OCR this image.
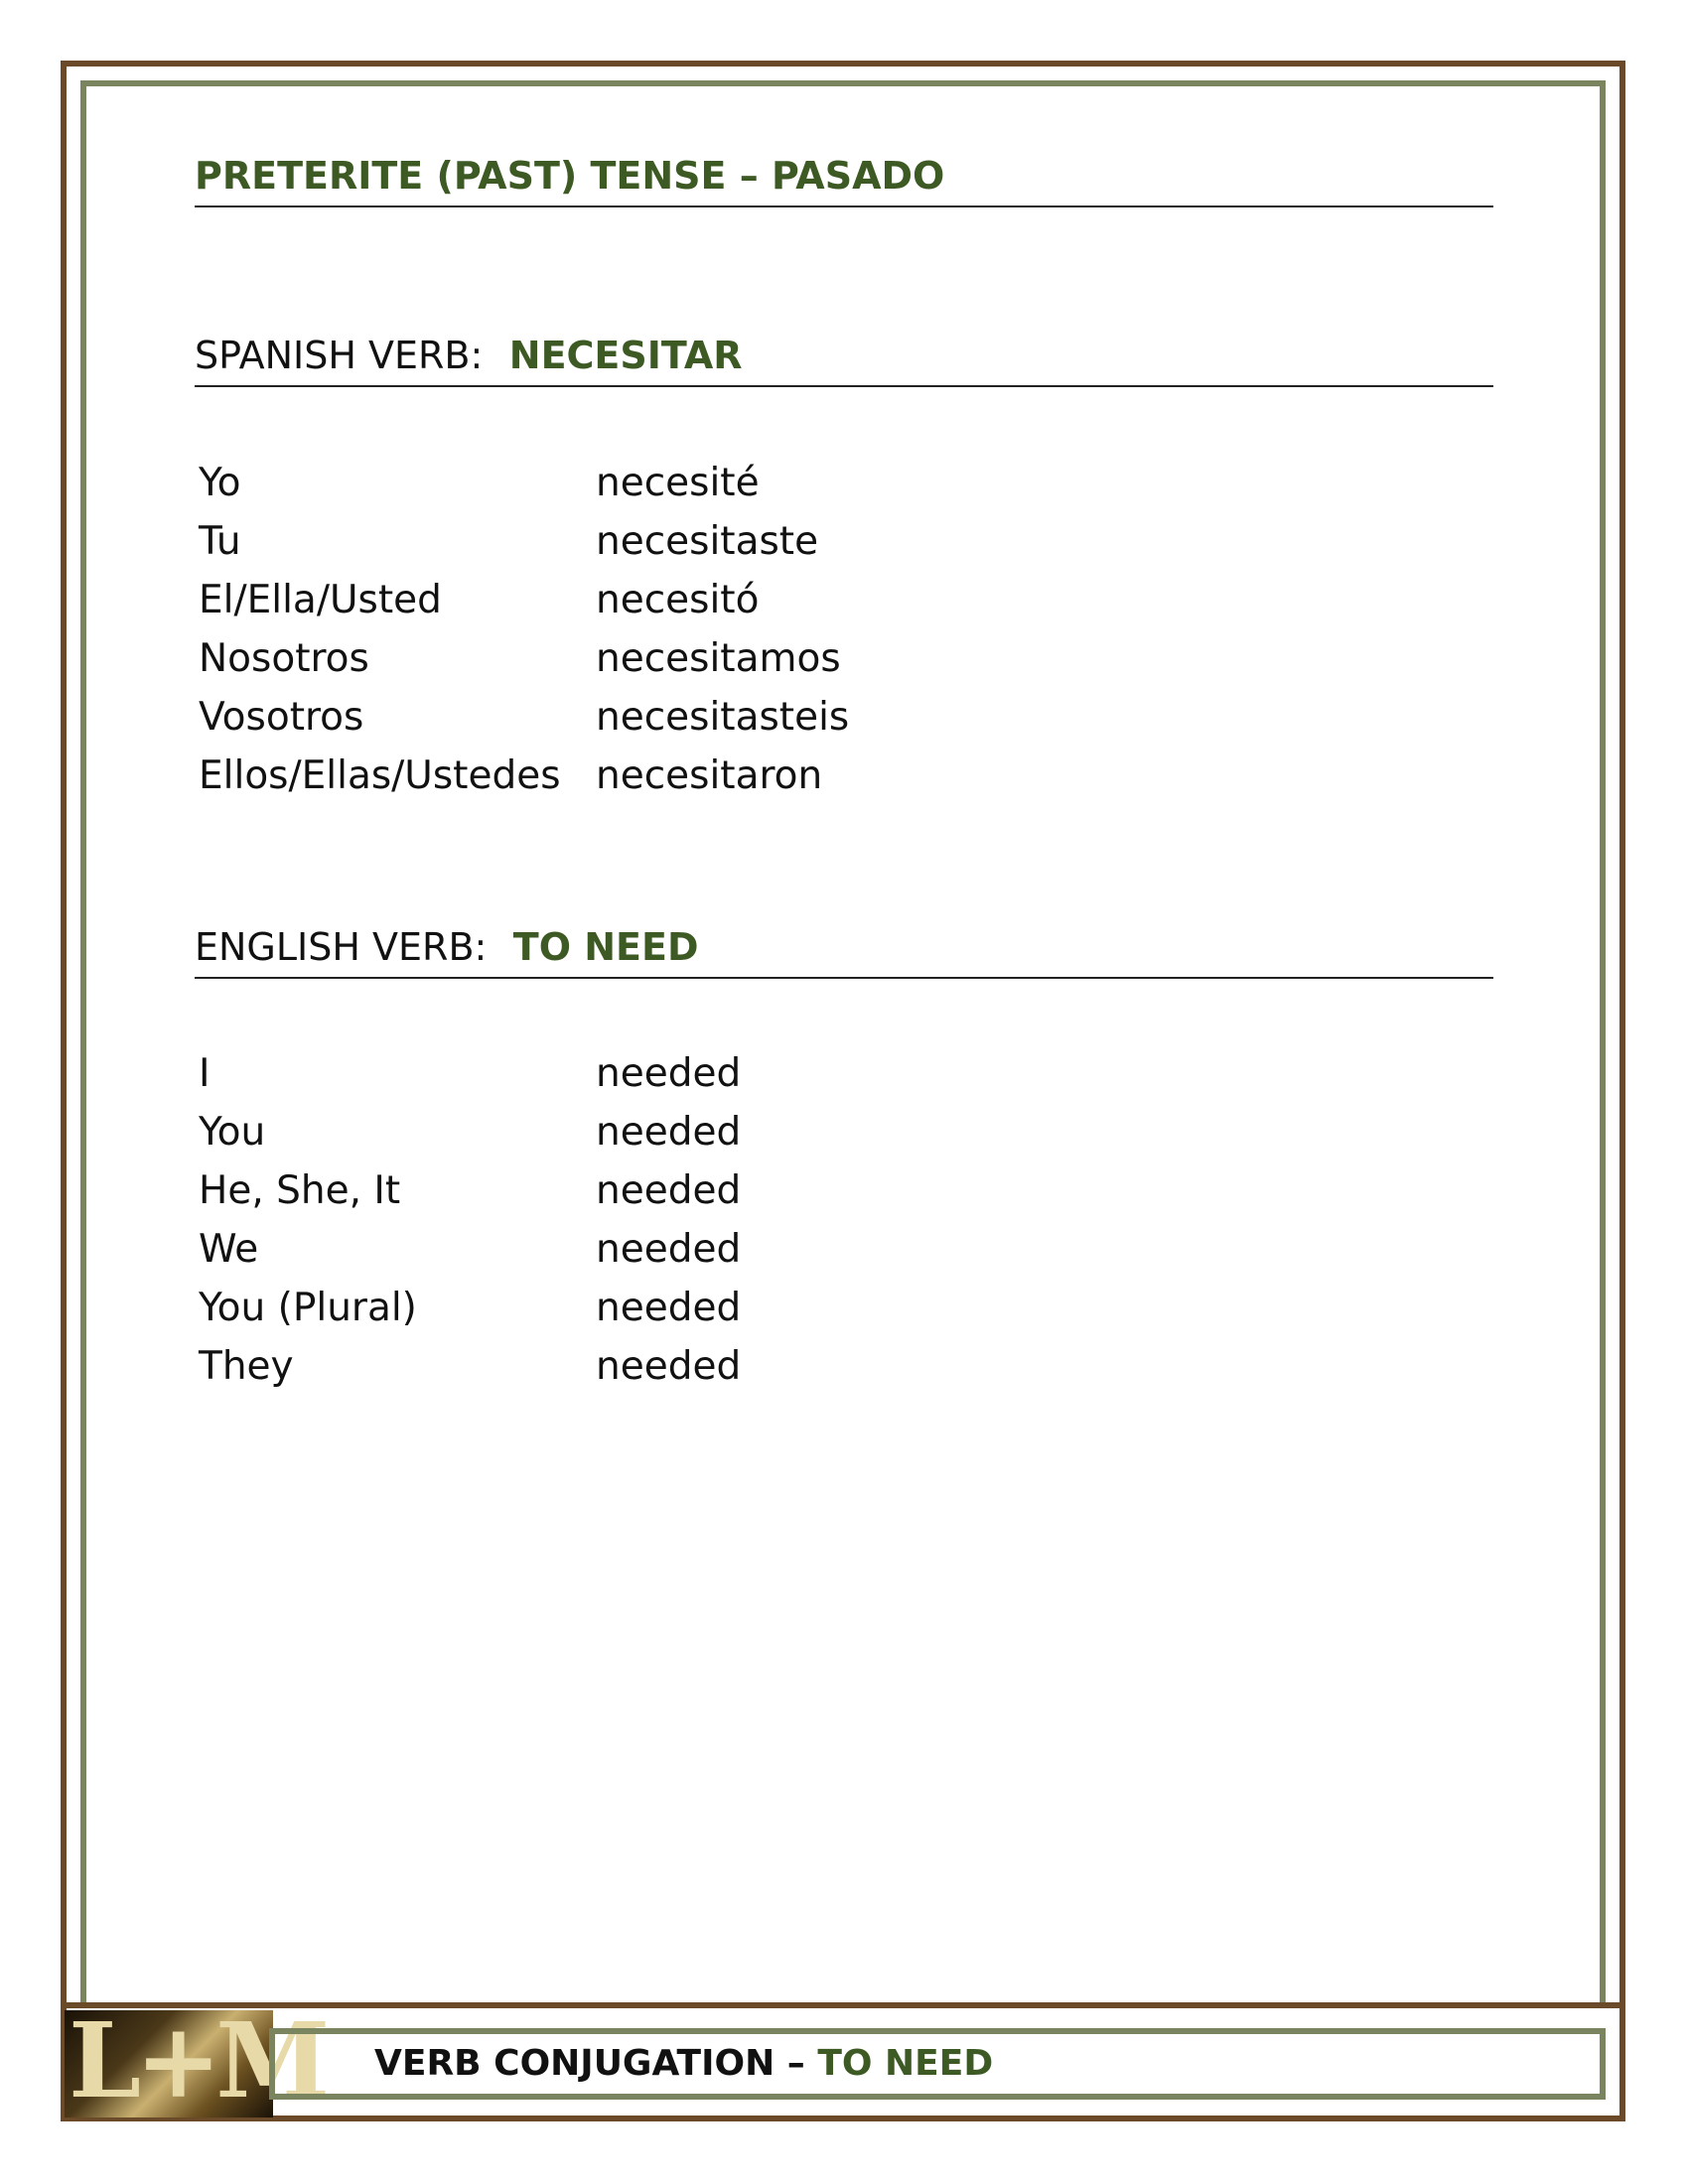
PRETERITE (PAST) TENSE – PASADO
SPANISH VERB: NECESITAR
Yo	necesité
Tu	necesitaste
El/Ella/Usted	necesitó
Nosotros	necesitamos
Vosotros	necesitasteis
Ellos/Ellas/Ustedes necesitaron
ENGLISH VERB: TO NEED
I	needed
You	needed
He, She, It	needed
We	needed
You (Plural)	needed
They	needed
L+M VERB CONJUGATION – TO NEED
